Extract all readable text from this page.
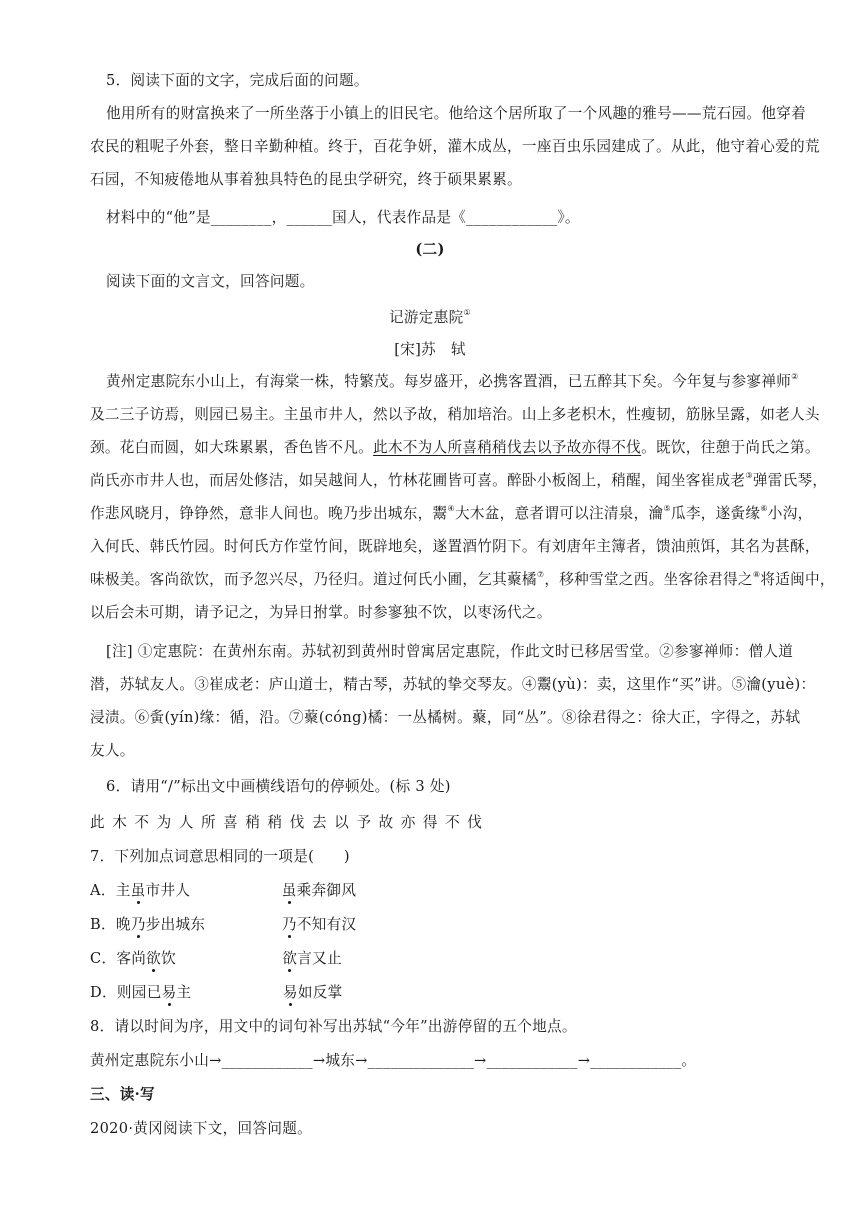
5．阅读下面的文字，完成后面的问题。
他用所有的财富换来了一所坐落于小镇上的旧民宅。他给这个居所取了一个风趣的雅号——荒石园。他穿着
农民的粗呢子外套，整日辛勤种植。终于，百花争妍，灌木成丛，一座百虫乐园建成了。从此，他守着心爱的荒
石园，不知疲倦地从事着独具特色的昆虫学研究，终于硕果累累。
材料中的“他”是________，______国人，代表作品是《____________》。
(二)
阅读下面的文言文，回答问题。
记游定惠院①
[宋]苏　轼
黄州定惠院东小山上，有海棠一株，特繁茂。每岁盛开，必携客置酒，已五醉其下矣。今年复与参寥禅师②
及二三子访焉，则园已易主。主虽市井人，然以予故，稍加培治。山上多老枳木，性瘦韧，筋脉呈露，如老人头
颈。花白而圆，如大珠累累，香色皆不凡。此木不为人所喜稍稍伐去以予故亦得不伐。既饮，往憩于尚氏之第。
尚氏亦市井人也，而居处修洁，如吴越间人，竹林花圃皆可喜。醉卧小板阁上，稍醒，闻坐客崔成老③弹雷氏琴，
作悲风晓月，铮铮然，意非人间也。晚乃步出城东，鬻④大木盆，意者谓可以注清泉，瀹⑤瓜李，遂夤缘⑥小沟，
入何氏、韩氏竹园。时何氏方作堂竹间，既辟地矣，遂置酒竹阴下。有刘唐年主簿者，馈油煎饵，其名为甚酥，
味极美。客尚欲饮，而予忽兴尽，乃径归。道过何氏小圃，乞其藂橘⑦，移种雪堂之西。坐客徐君得之⑧将适闽中，
以后会未可期，请予记之，为异日拊掌。时参寥独不饮，以枣汤代之。
[注] ①定惠院：在黄州东南。苏轼初到黄州时曾寓居定惠院，作此文时已移居雪堂。②参寥禅师：僧人道
潜，苏轼友人。③崔成老：庐山道士，精古琴，苏轼的挚交琴友。④鬻(yù)：卖，这里作“买”讲。⑤瀹(yuè)：
浸渍。⑥夤(yín)缘：循，沿。⑦藂(cóng)橘：一丛橘树。藂，同“丛”。⑧徐君得之：徐大正，字得之，苏轼
友人。
6．请用“/”标出文中画横线语句的停顿处。(标 3 处)
此木不为人所喜稍稍伐去以予故亦得不伐
7．下列加点词意思相同的一项是(　　)
A．主虽市井人	虽乘奔御风
B．晚乃步出城东	乃不知有汉
C．客尚欲饮	欲言又止
D．则园已易主	易如反掌
8．请以时间为序，用文中的词句补写出苏轼“今年”出游停留的五个地点。
黄州定惠院东小山→____________→城东→______________→____________→____________。
三、读·写
2020·黄冈阅读下文，回答问题。
